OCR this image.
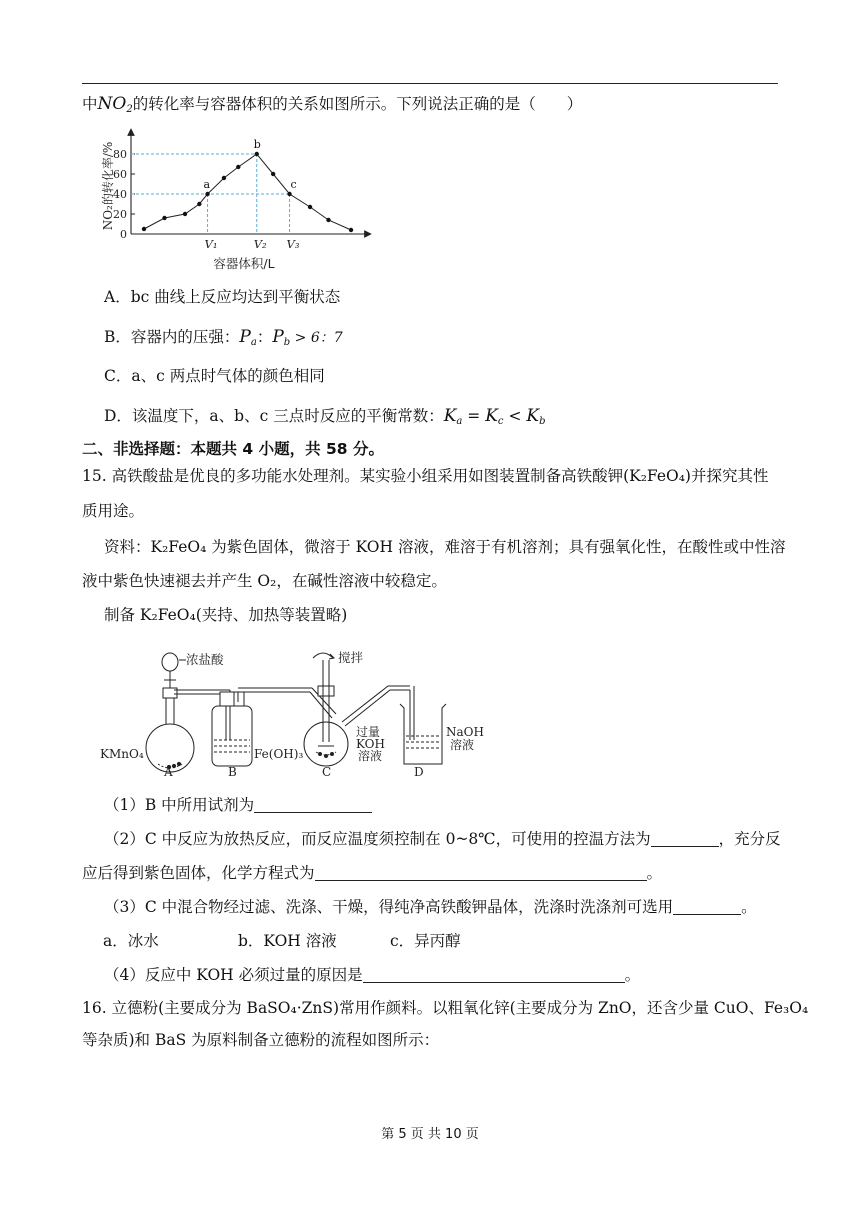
中$NO_2$的转化率与容器体积的关系如图所示。下列说法正确的是（　　）
NO₂的转化率/%
0
20
40
60
80
a
b
c
V₁	V₂ V₃
容器体积/L
A．bc 曲线上反应均达到平衡状态
B．容器内的压强：$P_a$：$P_b > 6$：7
C．a、c 两点时气体的颜色相同
D．该温度下，a、b、c 三点时反应的平衡常数：$K_a = K_c < K_b$
二、非选择题：本题共 4 小题，共 58 分。
15. 高铁酸盐是优良的多功能水处理剂。某实验小组采用如图装置制备高铁酸钾(K₂FeO₄)并探究其性
质用途。
资料：K₂FeO₄ 为紫色固体，微溶于 KOH 溶液，难溶于有机溶剂；具有强氧化性，在酸性或中性溶
液中紫色快速褪去并产生 O₂，在碱性溶液中较稳定。
制备 K₂FeO₄(夹持、加热等装置略)
浓盐酸
KMnO₄
A
Fe(OH)₃
B
搅拌
过量
KOH
溶液
C
NaOH
溶液
D
（1）B 中所用试剂为
（2）C 中反应为放热反应，而反应温度须控制在 0~8℃，可使用的控温方法为	，充分反
应后得到紫色固体，化学方程式为	。
（3）C 中混合物经过滤、洗涤、干燥，得纯净高铁酸钾晶体，洗涤时洗涤剂可选用	。
a．冰水	b．KOH 溶液	c．异丙醇
（4）反应中 KOH 必须过量的原因是	。
16. 立德粉(主要成分为 BaSO₄·ZnS)常用作颜料。以粗氧化锌(主要成分为 ZnO，还含少量 CuO、Fe₃O₄
等杂质)和 BaS 为原料制备立德粉的流程如图所示：
第 5 页 共 10 页
